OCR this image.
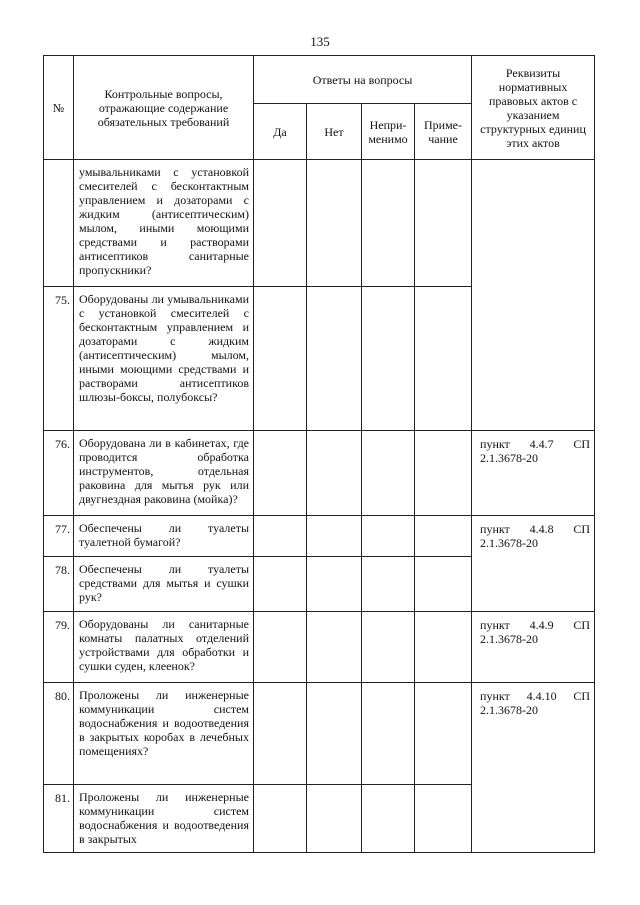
135
№	Контрольные вопросы, отражающие содержание обязательных требований	Ответы на вопросы				Реквизиты нормативных правовых актов с указанием структурных единиц этих актов
		Да	Нет	Непри-менимо	Приме-чание	
	умывальниками с установкой смесителей с бесконтактным управлением и дозаторами с жидким (антисептическим) мылом, иными моющими средствами и растворами антисептиков санитарные пропускники?					
75.	Оборудованы ли умывальниками с установкой смесителей с бесконтактным управлением и дозаторами с жидким (антисептическим) мылом, иными моющими средствами и растворами антисептиков шлюзы-боксы, полубоксы?					
76.	Оборудована ли в кабинетах, где проводится обработка инструментов, отдельная раковина для мытья рук или двугнездная раковина (мойка)?					пункт 4.4.7 СП 2.1.3678-20
77.	Обеспечены ли туалеты туалетной бумагой?					пункт 4.4.8 СП 2.1.3678-20
78.	Обеспечены ли туалеты средствами для мытья и сушки рук?					
79.	Оборудованы ли санитарные комнаты палатных отделений устройствами для обработки и сушки суден, клеенок?					пункт 4.4.9 СП 2.1.3678-20
80.	Проложены ли инженерные коммуникации систем водоснабжения и водоотведения в закрытых коробах в лечебных помещениях?					пункт 4.4.10 СП 2.1.3678-20
81.	Проложены ли инженерные коммуникации систем водоснабжения и водоотведения в закрытых					
